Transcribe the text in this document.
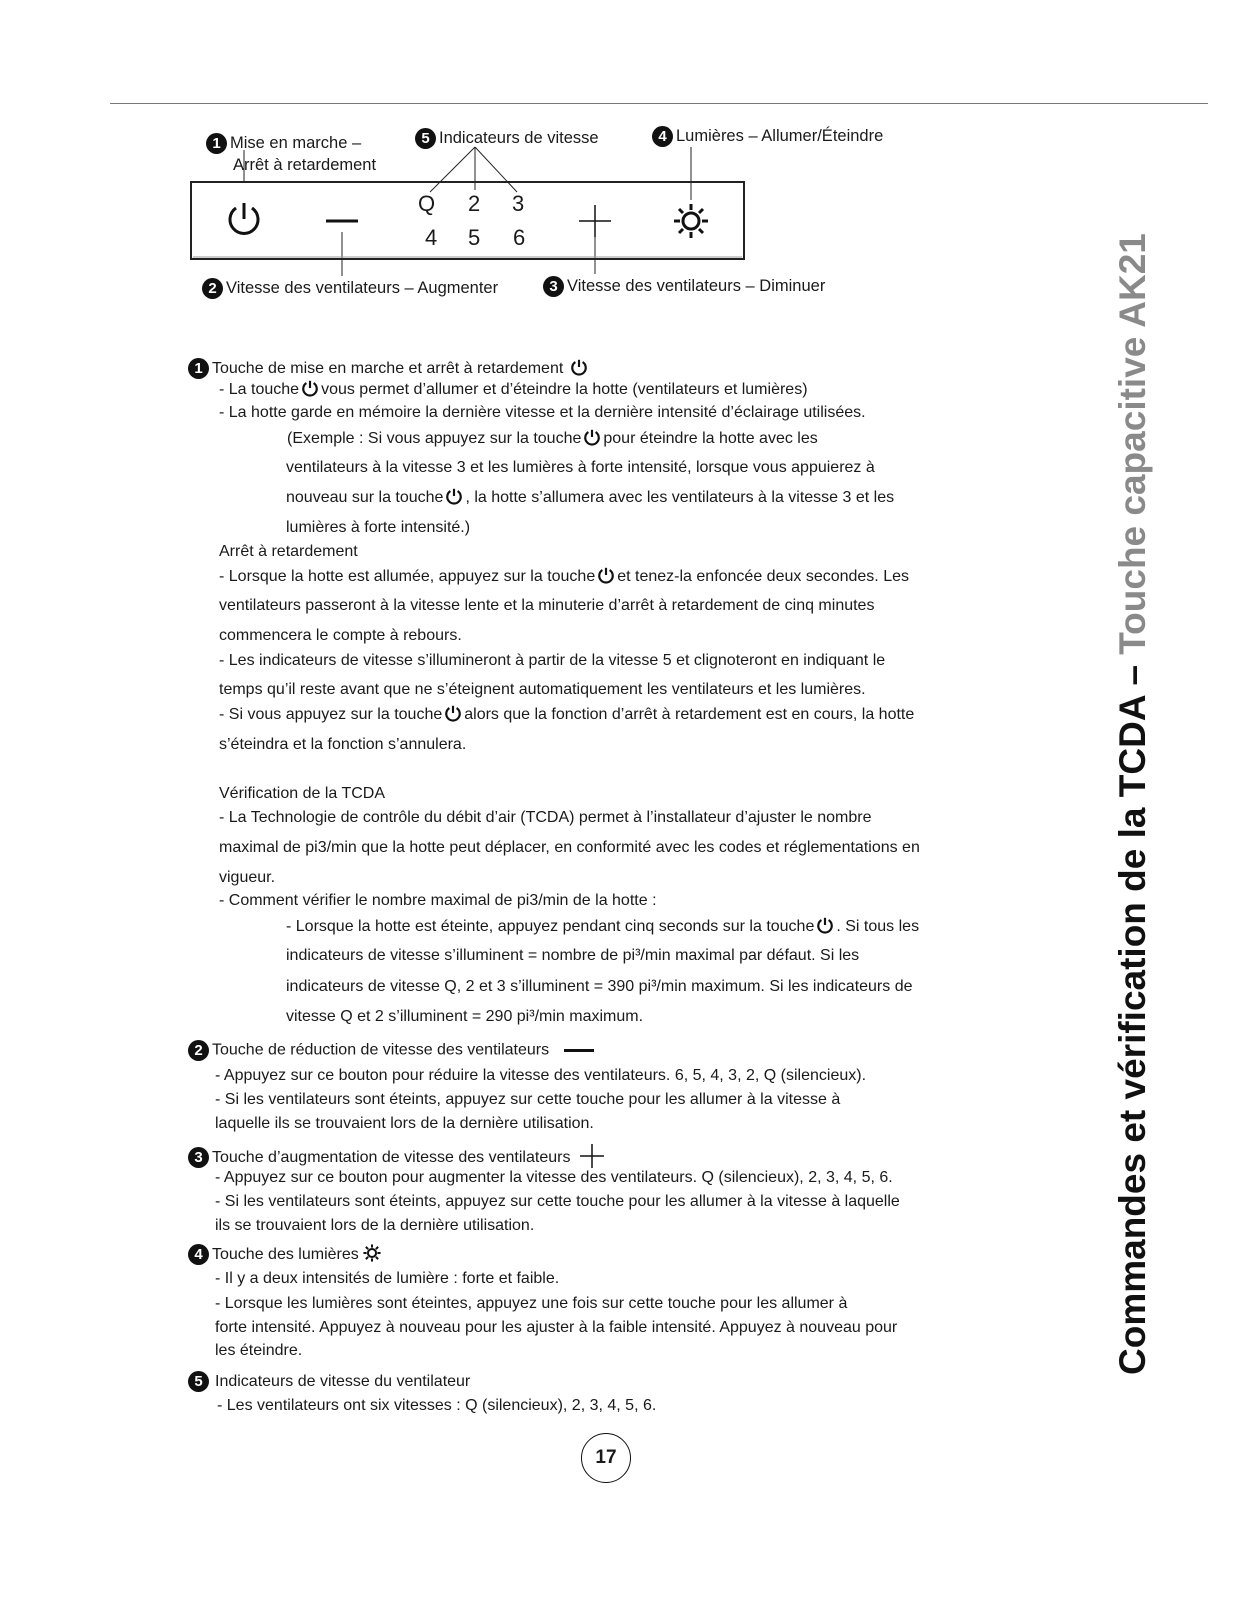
1 Mise en marche –
Arrêt à retardement
5 Indicateurs de vitesse	4 Lumières – Allumer/Éteindre
Q 2 3
4 5 6
2 Vitesse des ventilateurs – Augmenter	3 Vitesse des ventilateurs – Diminuer
1 Touche de mise en marche et arrêt à retardement
- La touche vous permet d’allumer et d’éteindre la hotte (ventilateurs et lumières)
- La hotte garde en mémoire la dernière vitesse et la dernière intensité d’éclairage utilisées.
(Exemple : Si vous appuyez sur la touche pour éteindre la hotte avec les
ventilateurs à la vitesse 3 et les lumières à forte intensité, lorsque vous appuierez à
nouveau sur la touche , la hotte s’allumera avec les ventilateurs à la vitesse 3 et les
lumières à forte intensité.)
Arrêt à retardement
- Lorsque la hotte est allumée, appuyez sur la touche et tenez-la enfoncée deux secondes. Les
ventilateurs passeront à la vitesse lente et la minuterie d’arrêt à retardement de cinq minutes
commencera le compte à rebours.
- Les indicateurs de vitesse s’illumineront à partir de la vitesse 5 et clignoteront en indiquant le
temps qu’il reste avant que ne s’éteignent automatiquement les ventilateurs et les lumières.
- Si vous appuyez sur la touche alors que la fonction d’arrêt à retardement est en cours, la hotte
s’éteindra et la fonction s’annulera.
Vérification de la TCDA
- La Technologie de contrôle du débit d’air (TCDA) permet à l’installateur d’ajuster le nombre
maximal de pi3/min que la hotte peut déplacer, en conformité avec les codes et réglementations en
vigueur.
- Comment vérifier le nombre maximal de pi3/min de la hotte :
- Lorsque la hotte est éteinte, appuyez pendant cinq seconds sur la touche . Si tous les
indicateurs de vitesse s’illuminent = nombre de pi³/min maximal par défaut. Si les
indicateurs de vitesse Q, 2 et 3 s’illuminent = 390 pi³/min maximum. Si les indicateurs de
vitesse Q et 2 s’illuminent = 290 pi³/min maximum.
2 Touche de réduction de vitesse des ventilateurs
- Appuyez sur ce bouton pour réduire la vitesse des ventilateurs. 6, 5, 4, 3, 2, Q (silencieux).
- Si les ventilateurs sont éteints, appuyez sur cette touche pour les allumer à la vitesse à
laquelle ils se trouvaient lors de la dernière utilisation.
3 Touche d’augmentation de vitesse des ventilateurs
- Appuyez sur ce bouton pour augmenter la vitesse des ventilateurs. Q (silencieux), 2, 3, 4, 5, 6.
- Si les ventilateurs sont éteints, appuyez sur cette touche pour les allumer à la vitesse à laquelle
ils se trouvaient lors de la dernière utilisation.
4 Touche des lumières
- Il y a deux intensités de lumière : forte et faible.
- Lorsque les lumières sont éteintes, appuyez une fois sur cette touche pour les allumer à
forte intensité. Appuyez à nouveau pour les ajuster à la faible intensité. Appuyez à nouveau pour
les éteindre.
5 Indicateurs de vitesse du ventilateur
- Les ventilateurs ont six vitesses : Q (silencieux), 2, 3, 4, 5, 6.
Commandes et vérification de la TCDA – Touche capacitive AK21
17
